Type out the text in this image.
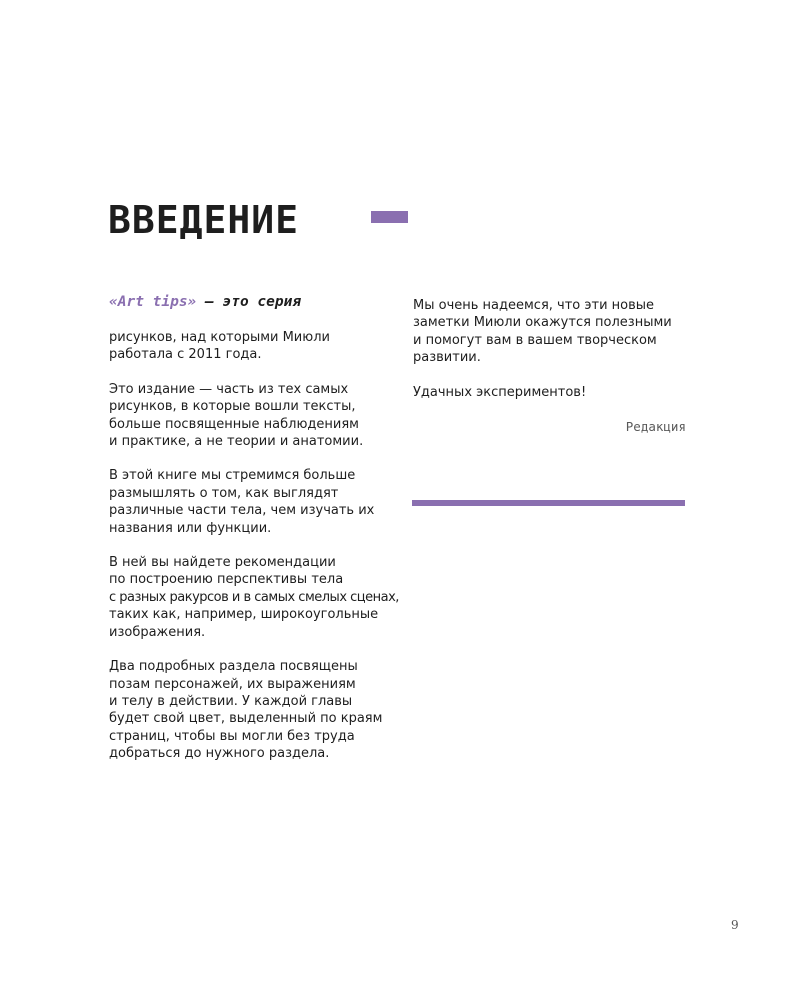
ВВЕДЕНИЕ
«Art tips» — это серия

рисунков, над которыми Миюли
работала с 2011 года.

Это издание — часть из тех самых
рисунков, в которые вошли тексты,
больше посвященные наблюдениям
и практике, а не теории и анатомии.

В этой книге мы стремимся больше
размышлять о том, как выглядят
различные части тела, чем изучать их
названия или функции.

В ней вы найдете рекомендации
по построению перспективы тела
с разных ракурсов и в самых смелых сценах,
таких как, например, широкоугольные
изображения.

Два подробных раздела посвящены
позам персонажей, их выражениям
и телу в действии. У каждой главы
будет свой цвет, выделенный по краям
страниц, чтобы вы могли без труда
добраться до нужного раздела.

Мы очень надеемся, что эти новые
заметки Миюли окажутся полезными
и помогут вам в вашем творческом
развитии.

Удачных экспериментов!

Редакция
9
